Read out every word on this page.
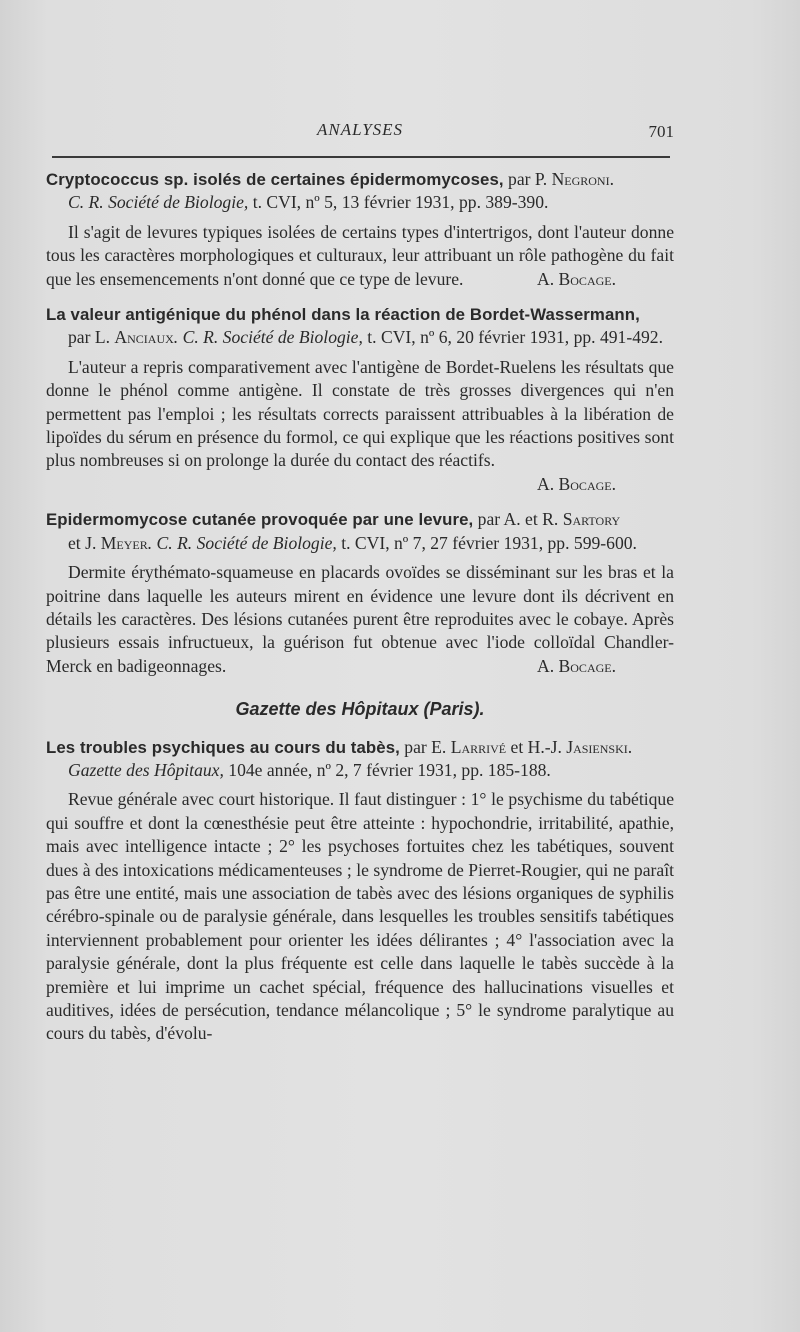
ANALYSES	701

Cryptococcus sp. isolés de certaines épidermomycoses, par P. Negroni.

C. R. Société de Biologie, t. CVI, nº 5, 13 février 1931, pp. 389-390.

Il s'agit de levures typiques isolées de certains types d'intertrigos, dont l'auteur donne tous les caractères morphologiques et culturaux, leur attribuant un rôle pathogène du fait que les ensemencements n'ont donné que ce type de levure.	A. Bocage.

La valeur antigénique du phénol dans la réaction de Bordet-Wassermann,

par L. Anciaux. C. R. Société de Biologie, t. CVI, nº 6, 20 février 1931, pp. 491-492.

L'auteur a repris comparativement avec l'antigène de Bordet-Ruelens les résultats que donne le phénol comme antigène. Il constate de très grosses divergences qui n'en permettent pas l'emploi ; les résultats corrects paraissent attribuables à la libération de lipoïdes du sérum en présence du formol, ce qui explique que les réactions positives sont plus nombreuses si on prolonge la durée du contact des réactifs.

A. Bocage.

Epidermomycose cutanée provoquée par une levure, par A. et R. Sartory

et J. Meyer. C. R. Société de Biologie, t. CVI, nº 7, 27 février 1931, pp. 599-600.

Dermite érythémato-squameuse en placards ovoïdes se disséminant sur les bras et la poitrine dans laquelle les auteurs mirent en évidence une levure dont ils décrivent en détails les caractères. Des lésions cutanées purent être reproduites avec le cobaye. Après plusieurs essais infructueux, la guérison fut obtenue avec l'iode colloïdal Chandler-Merck en badigeonnages.	A. Bocage.

Gazette des Hôpitaux (Paris).

Les troubles psychiques au cours du tabès, par E. Larrivé et H.-J. Jasienski.

Gazette des Hôpitaux, 104e année, nº 2, 7 février 1931, pp. 185-188.

Revue générale avec court historique. Il faut distinguer : 1° le psychisme du tabétique qui souffre et dont la cœnesthésie peut être atteinte : hypochondrie, irritabilité, apathie, mais avec intelligence intacte ; 2° les psychoses fortuites chez les tabétiques, souvent dues à des intoxications médicamenteuses ; le syndrome de Pierret-Rougier, qui ne paraît pas être une entité, mais une association de tabès avec des lésions organiques de syphilis cérébro-spinale ou de paralysie générale, dans lesquelles les troubles sensitifs tabétiques interviennent probablement pour orienter les idées délirantes ; 4° l'association avec la paralysie générale, dont la plus fréquente est celle dans laquelle le tabès succède à la première et lui imprime un cachet spécial, fréquence des hallucinations visuelles et auditives, idées de persécution, tendance mélancolique ; 5° le syndrome paralytique au cours du tabès, d'évolu-
